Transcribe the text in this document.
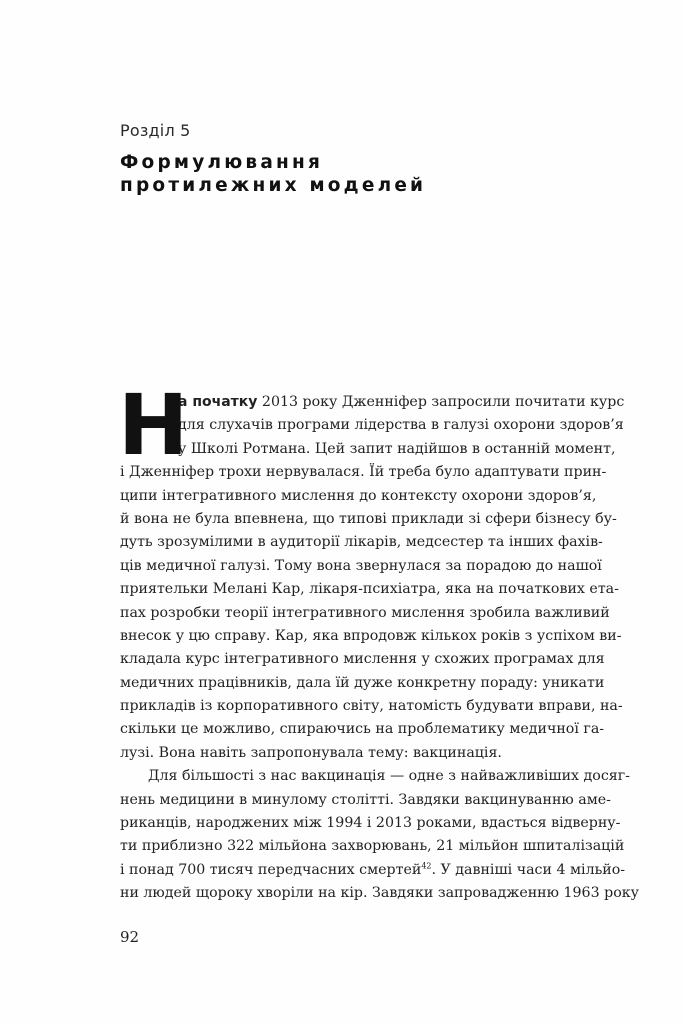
Розділ 5
Формулювання
протилежних моделей
Н
а початку 2013 року Дженніфер запросили почитати курс
для слухачів програми лідерства в галузі охорони здоров’я
у Школі Ротмана. Цей запит надійшов в останній момент,
і Дженніфер трохи нервувалася. Їй треба було адаптувати прин-
ципи інтегративного мислення до контексту охорони здоров’я,
й вона не була впевнена, що типові приклади зі сфери бізнесу бу-
дуть зрозумілими в аудиторії лікарів, медсестер та інших фахів-
ців медичної галузі. Тому вона звернулася за порадою до нашої
приятельки Мелані Кар, лікаря-психіатра, яка на початкових ета-
пах розробки теорії інтегративного мислення зробила важливий
внесок у цю справу. Кар, яка впродовж кількох років з успіхом ви-
кладала курс інтегративного мислення у схожих програмах для
медичних працівників, дала їй дуже конкретну пораду: уникати
прикладів із корпоративного світу, натомість будувати вправи, на-
скільки це можливо, спираючись на проблематику медичної га-
лузі. Вона навіть запропонувала тему: вакцинація.
Для більшості з нас вакцинація — одне з найважливіших досяг-
нень медицини в минулому столітті. Завдяки вакцинуванню аме-
риканців, народжених між 1994 і 2013 роками, вдасться відверну-
ти приблизно 322 мільйона захворювань, 21 мільйон шпиталізацій
і понад 700 тисяч передчасних смертей$^{42}$. У давніші часи 4 мільйо-
ни людей щороку хворіли на кір. Завдяки запровадженню 1963 року
92
